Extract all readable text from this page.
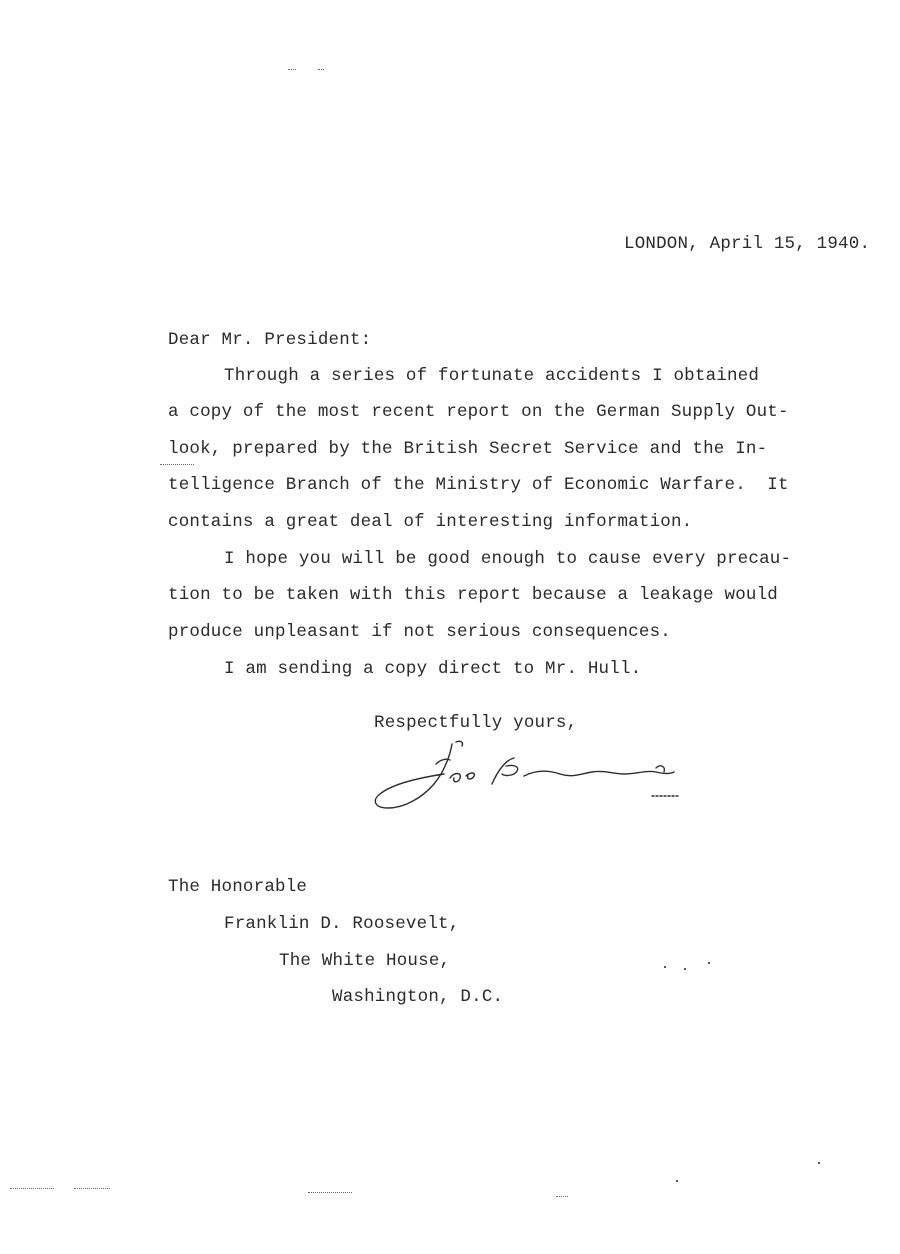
LONDON, April 15, 1940.

Dear Mr. President:

Through a series of fortunate accidents I obtained

a copy of the most recent report on the German Supply Out-

look, prepared by the British Secret Service and the In-

telligence Branch of the Ministry of Economic Warfare.  It

contains a great deal of interesting information.

I hope you will be good enough to cause every precau-

tion to be taken with this report because a leakage would

produce unpleasant if not serious consequences.

I am sending a copy direct to Mr. Hull.

Respectfully yours,

The Honorable

Franklin D. Roosevelt,

The White House,

Washington, D.C.
